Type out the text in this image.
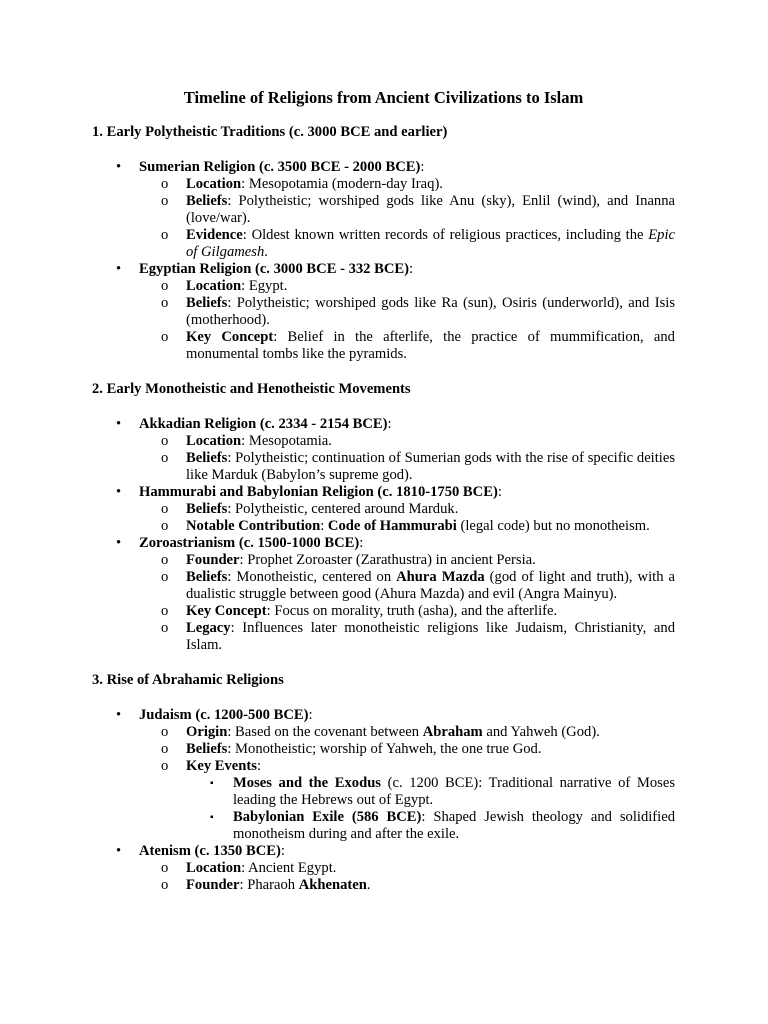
Timeline of Religions from Ancient Civilizations to Islam
1. Early Polytheistic Traditions (c. 3000 BCE and earlier)
• Sumerian Religion (c. 3500 BCE - 2000 BCE):
o Location: Mesopotamia (modern-day Iraq).
o Beliefs: Polytheistic; worshiped gods like Anu (sky), Enlil (wind), and Inanna (love/war).
o Evidence: Oldest known written records of religious practices, including the Epic of Gilgamesh.
• Egyptian Religion (c. 3000 BCE - 332 BCE):
o Location: Egypt.
o Beliefs: Polytheistic; worshiped gods like Ra (sun), Osiris (underworld), and Isis (motherhood).
o Key Concept: Belief in the afterlife, the practice of mummification, and monumental tombs like the pyramids.
2. Early Monotheistic and Henotheistic Movements
• Akkadian Religion (c. 2334 - 2154 BCE):
o Location: Mesopotamia.
o Beliefs: Polytheistic; continuation of Sumerian gods with the rise of specific deities like Marduk (Babylon’s supreme god).
• Hammurabi and Babylonian Religion (c. 1810-1750 BCE):
o Beliefs: Polytheistic, centered around Marduk.
o Notable Contribution: Code of Hammurabi (legal code) but no monotheism.
• Zoroastrianism (c. 1500-1000 BCE):
o Founder: Prophet Zoroaster (Zarathustra) in ancient Persia.
o Beliefs: Monotheistic, centered on Ahura Mazda (god of light and truth), with a dualistic struggle between good (Ahura Mazda) and evil (Angra Mainyu).
o Key Concept: Focus on morality, truth (asha), and the afterlife.
o Legacy: Influences later monotheistic religions like Judaism, Christianity, and Islam.
3. Rise of Abrahamic Religions
• Judaism (c. 1200-500 BCE):
o Origin: Based on the covenant between Abraham and Yahweh (God).
o Beliefs: Monotheistic; worship of Yahweh, the one true God.
o Key Events:
▪ Moses and the Exodus (c. 1200 BCE): Traditional narrative of Moses leading the Hebrews out of Egypt.
▪ Babylonian Exile (586 BCE): Shaped Jewish theology and solidified monotheism during and after the exile.
• Atenism (c. 1350 BCE):
o Location: Ancient Egypt.
o Founder: Pharaoh Akhenaten.
